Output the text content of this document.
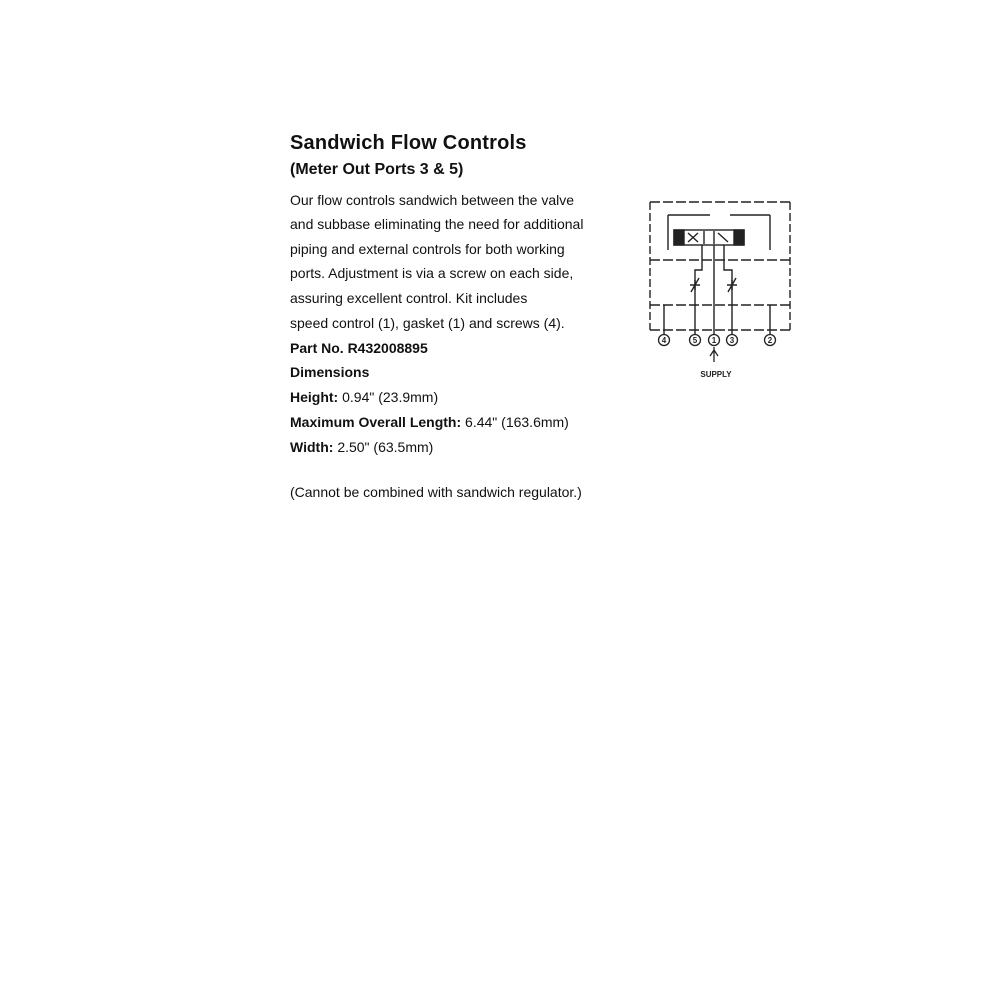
Sandwich Flow Controls
(Meter Out Ports 3 & 5)
Our flow controls sandwich between the valve
and subbase eliminating the need for additional
piping and external controls for both working
ports. Adjustment is via a screw on each side,
assuring excellent control. Kit includes
speed control (1), gasket (1) and screws (4).
Part No. R432008895
Dimensions
Height: 0.94" (23.9mm)
Maximum Overall Length: 6.44" (163.6mm)
Width: 2.50" (63.5mm)
(Cannot be combined with sandwich regulator.)
4	5 1 3	2
SUPPLY
